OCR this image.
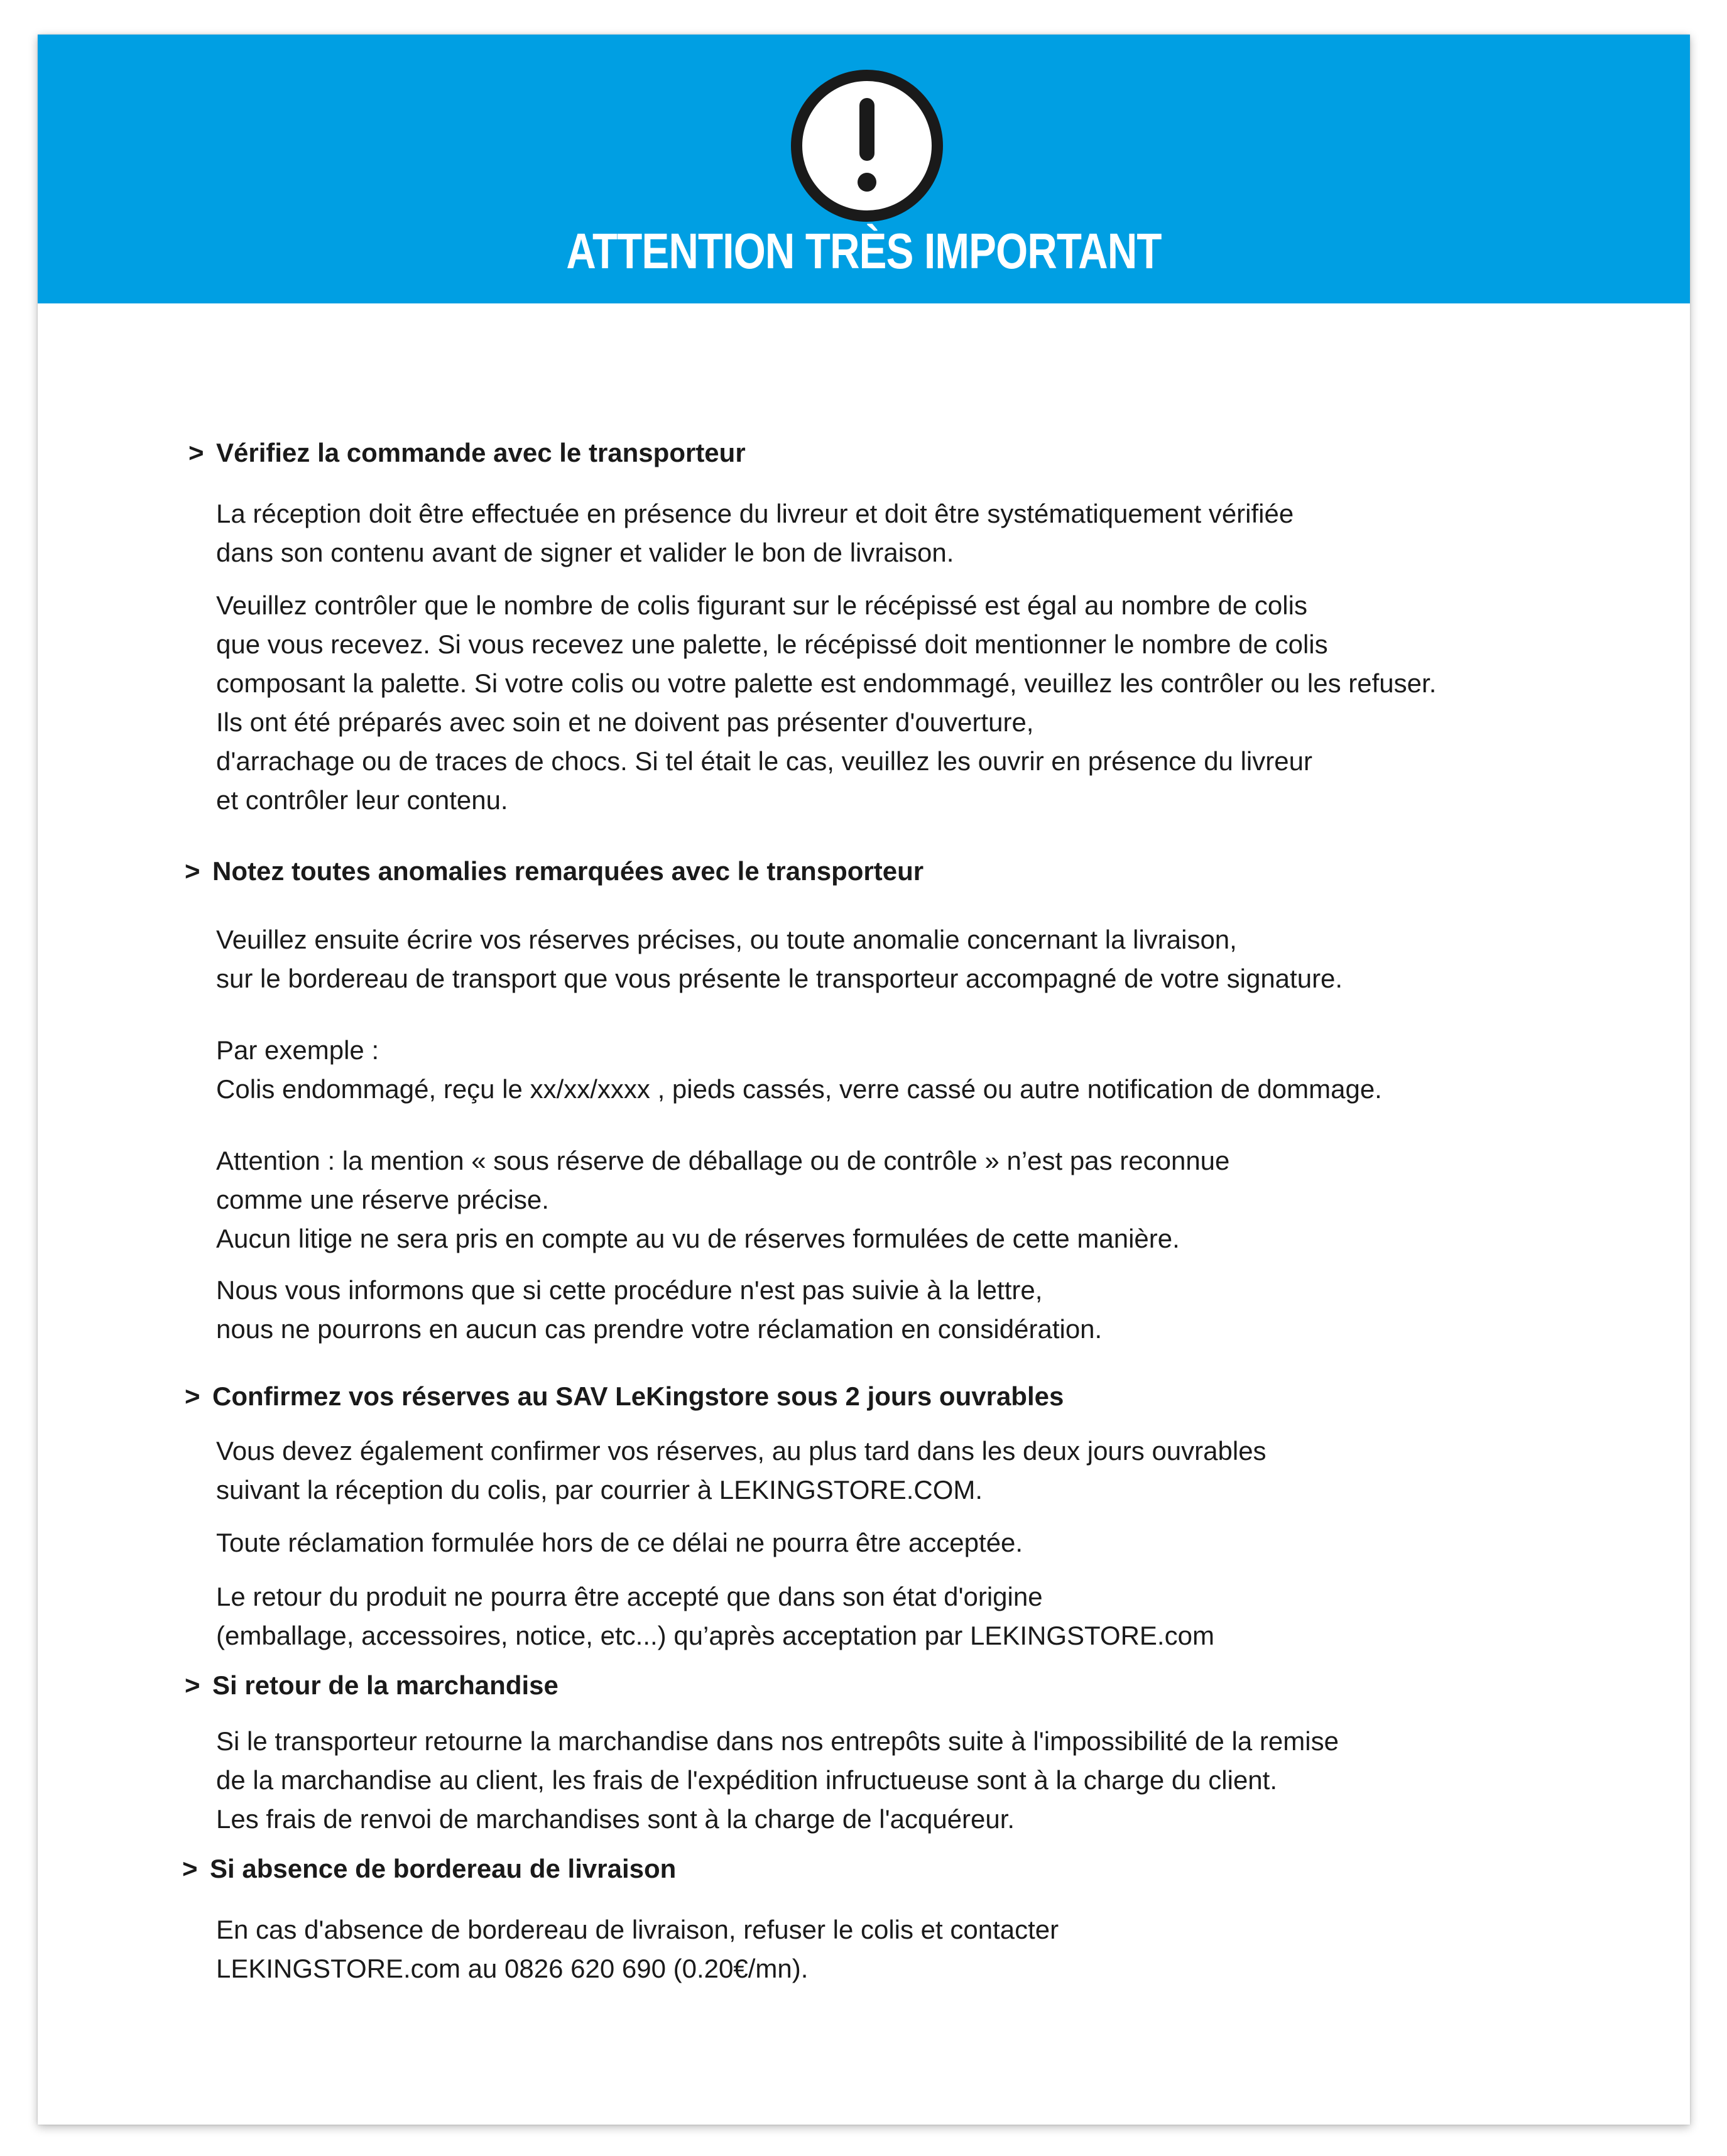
ATTENTION TRÈS IMPORTANT
> Vérifiez la commande avec le transporteur
La réception doit être effectuée en présence du livreur et doit être systématiquement vérifiée
dans son contenu avant de signer et valider le bon de livraison.
Veuillez contrôler que le nombre de colis figurant sur le récépissé est égal au nombre de colis
que vous recevez. Si vous recevez une palette, le récépissé doit mentionner le nombre de colis
composant la palette. Si votre colis ou votre palette est endommagé, veuillez les contrôler ou les refuser.
Ils ont été préparés avec soin et ne doivent pas présenter d'ouverture,
d'arrachage ou de traces de chocs. Si tel était le cas, veuillez les ouvrir en présence du livreur
et contrôler leur contenu.
> Notez toutes anomalies remarquées avec le transporteur
Veuillez ensuite écrire vos réserves précises, ou toute anomalie concernant la livraison,
sur le bordereau de transport que vous présente le transporteur accompagné de votre signature.
Par exemple :
Colis endommagé, reçu le xx/xx/xxxx , pieds cassés, verre cassé ou autre notification de dommage.
Attention : la mention « sous réserve de déballage ou de contrôle » n’est pas reconnue
comme une réserve précise.
Aucun litige ne sera pris en compte au vu de réserves formulées de cette manière.
Nous vous informons que si cette procédure n'est pas suivie à la lettre,
nous ne pourrons en aucun cas prendre votre réclamation en considération.
> Confirmez vos réserves au SAV LeKingstore sous 2 jours ouvrables
Vous devez également confirmer vos réserves, au plus tard dans les deux jours ouvrables
suivant la réception du colis, par courrier à LEKINGSTORE.COM.
Toute réclamation formulée hors de ce délai ne pourra être acceptée.
Le retour du produit ne pourra être accepté que dans son état d'origine
(emballage, accessoires, notice, etc...) qu’après acceptation par LEKINGSTORE.com
> Si retour de la marchandise
Si le transporteur retourne la marchandise dans nos entrepôts suite à l'impossibilité de la remise
de la marchandise au client, les frais de l'expédition infructueuse sont à la charge du client.
Les frais de renvoi de marchandises sont à la charge de l'acquéreur.
> Si absence de bordereau de livraison
En cas d'absence de bordereau de livraison, refuser le colis et contacter
LEKINGSTORE.com au 0826 620 690 (0.20€/mn).
